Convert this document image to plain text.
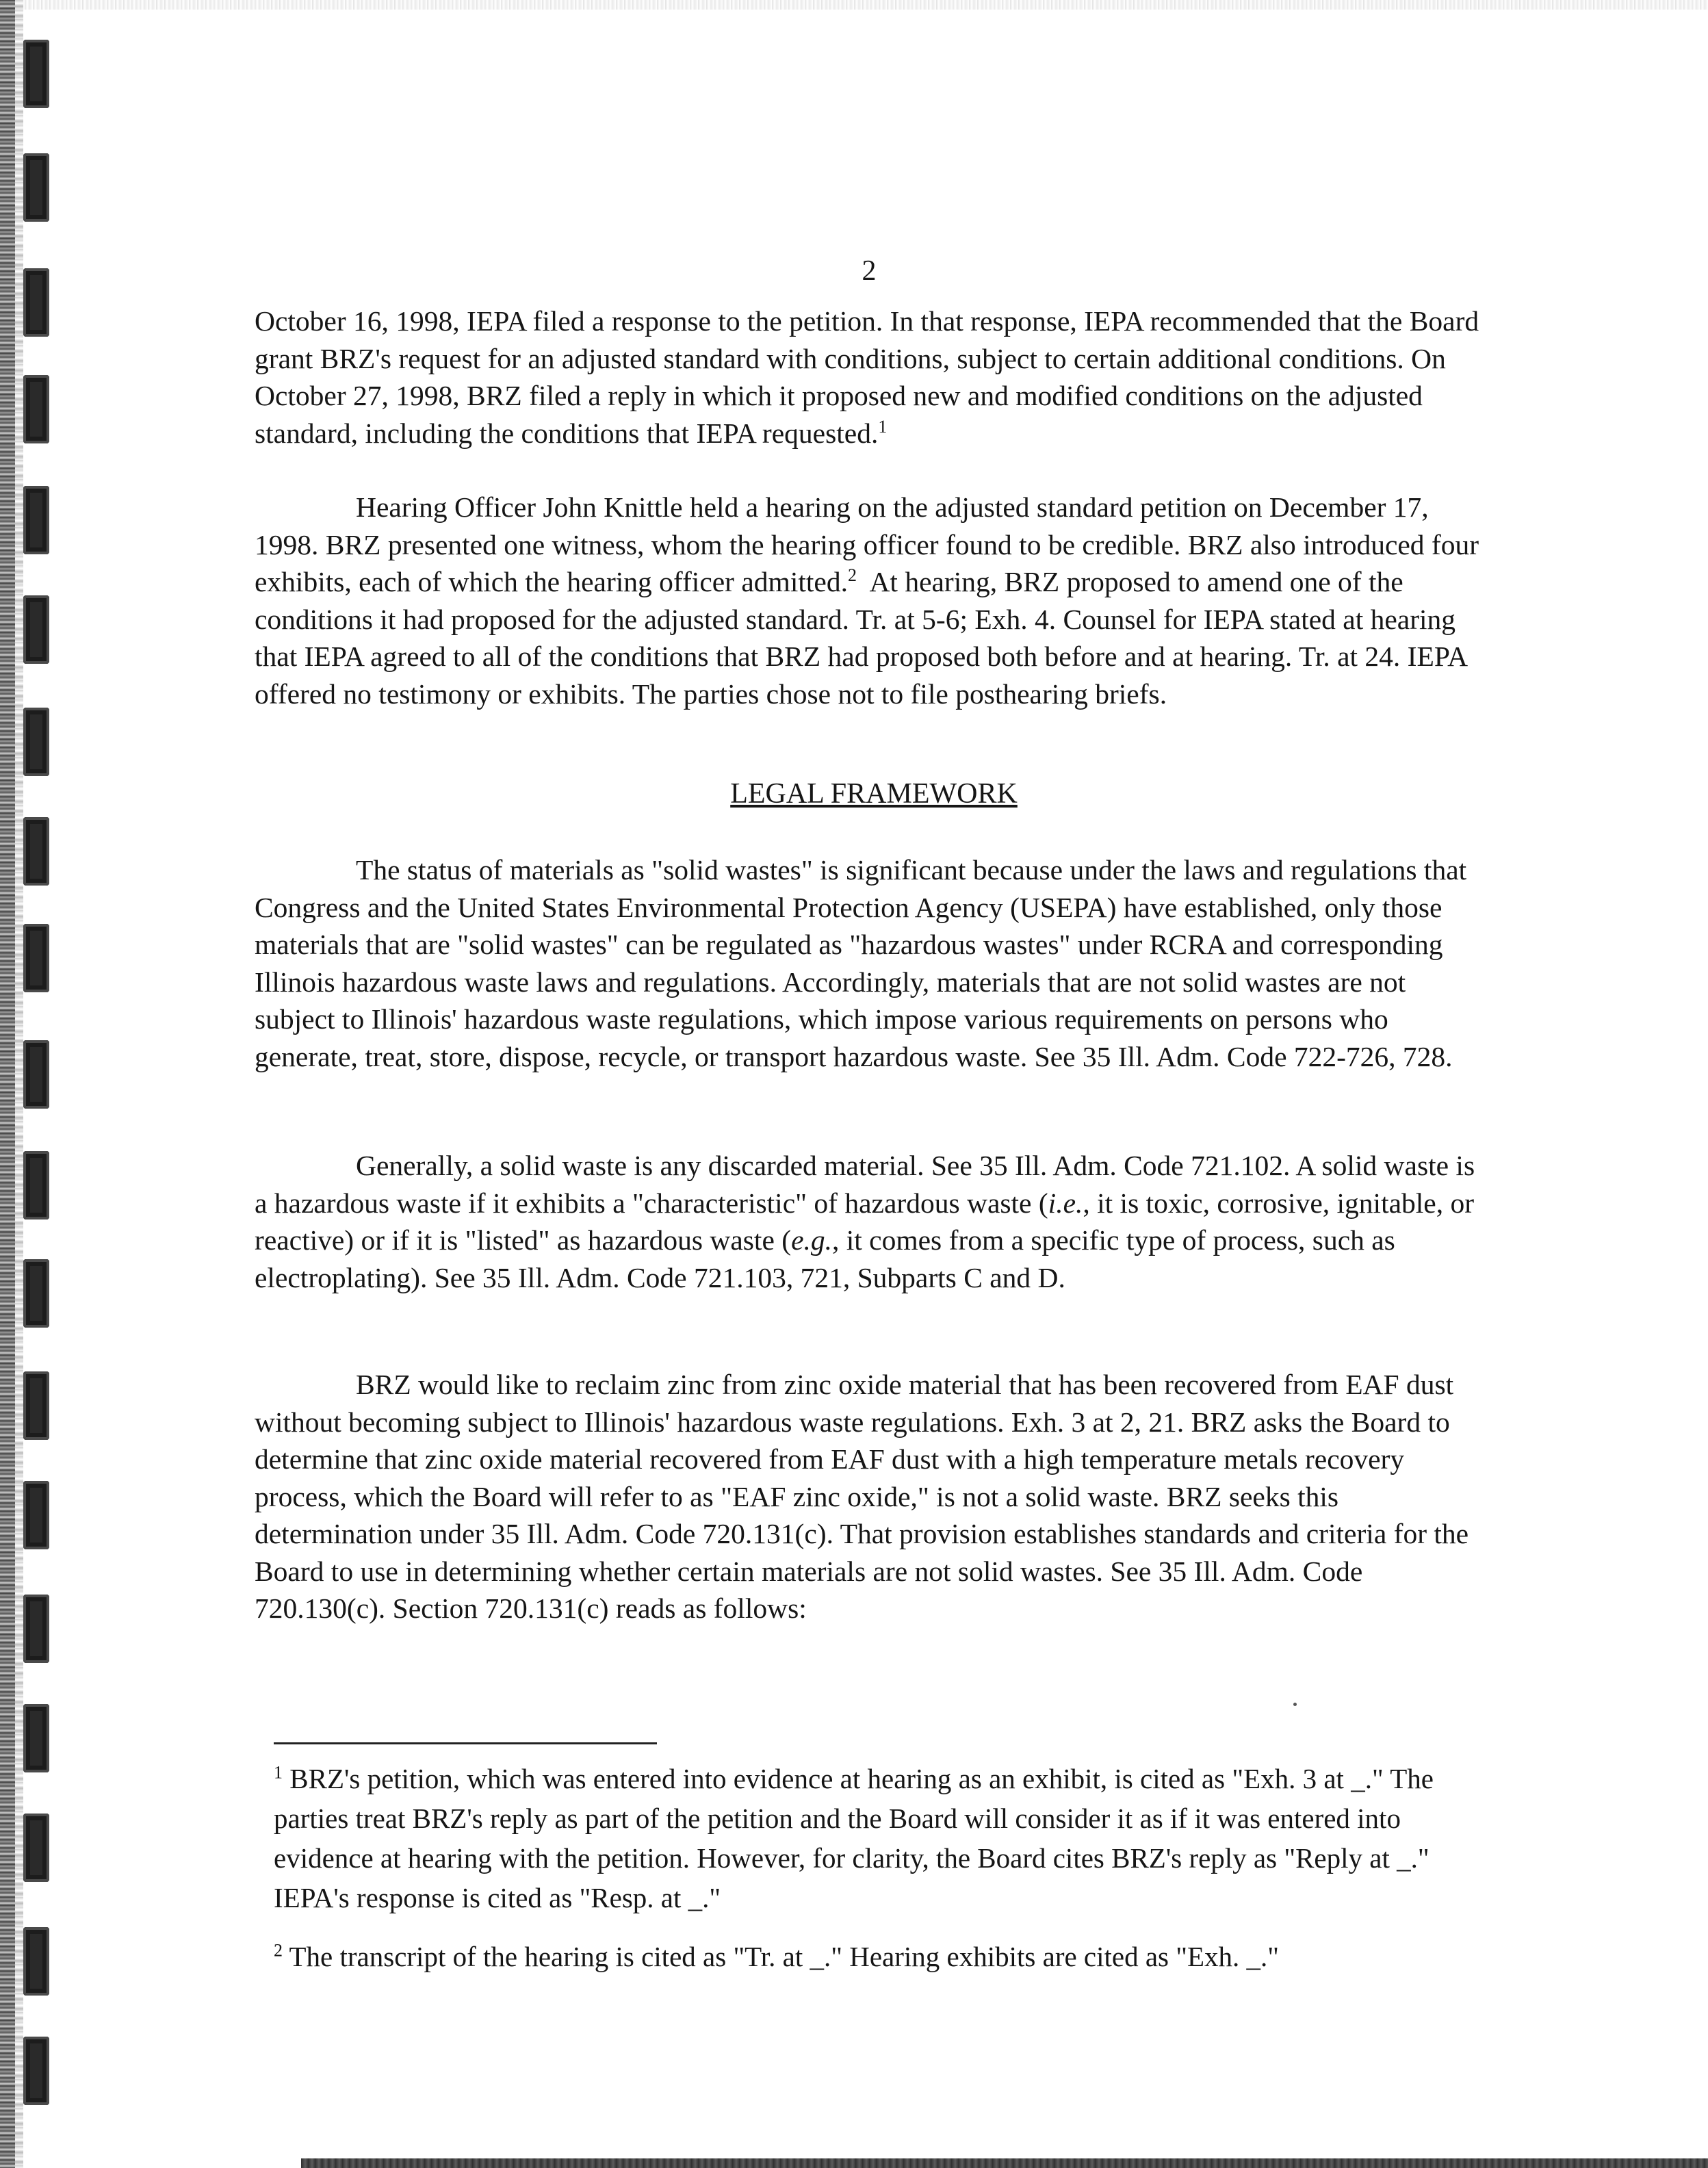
2

October 16, 1998, IEPA filed a response to the petition. In that response, IEPA recommended that the Board grant BRZ's request for an adjusted standard with conditions, subject to certain additional conditions. On October 27, 1998, BRZ filed a reply in which it proposed new and modified conditions on the adjusted standard, including the conditions that IEPA requested.$^1$

Hearing Officer John Knittle held a hearing on the adjusted standard petition on December 17, 1998. BRZ presented one witness, whom the hearing officer found to be credible. BRZ also introduced four exhibits, each of which the hearing officer admitted.$^2$ At hearing, BRZ proposed to amend one of the conditions it had proposed for the adjusted standard. Tr. at 5-6; Exh. 4. Counsel for IEPA stated at hearing that IEPA agreed to all of the conditions that BRZ had proposed both before and at hearing. Tr. at 24. IEPA offered no testimony or exhibits. The parties chose not to file posthearing briefs.

LEGAL FRAMEWORK

The status of materials as "solid wastes" is significant because under the laws and regulations that Congress and the United States Environmental Protection Agency (USEPA) have established, only those materials that are "solid wastes" can be regulated as "hazardous wastes" under RCRA and corresponding Illinois hazardous waste laws and regulations. Accordingly, materials that are not solid wastes are not subject to Illinois' hazardous waste regulations, which impose various requirements on persons who generate, treat, store, dispose, recycle, or transport hazardous waste. See 35 Ill. Adm. Code 722-726, 728.

Generally, a solid waste is any discarded material. See 35 Ill. Adm. Code 721.102. A solid waste is a hazardous waste if it exhibits a "characteristic" of hazardous waste (i.e., it is toxic, corrosive, ignitable, or reactive) or if it is "listed" as hazardous waste (e.g., it comes from a specific type of process, such as electroplating). See 35 Ill. Adm. Code 721.103, 721, Subparts C and D.

BRZ would like to reclaim zinc from zinc oxide material that has been recovered from EAF dust without becoming subject to Illinois' hazardous waste regulations. Exh. 3 at 2, 21. BRZ asks the Board to determine that zinc oxide material recovered from EAF dust with a high temperature metals recovery process, which the Board will refer to as "EAF zinc oxide," is not a solid waste. BRZ seeks this determination under 35 Ill. Adm. Code 720.131(c). That provision establishes standards and criteria for the Board to use in determining whether certain materials are not solid wastes. See 35 Ill. Adm. Code 720.130(c). Section 720.131(c) reads as follows:

$^1$ BRZ's petition, which was entered into evidence at hearing as an exhibit, is cited as "Exh. 3 at _." The parties treat BRZ's reply as part of the petition and the Board will consider it as if it was entered into evidence at hearing with the petition. However, for clarity, the Board cites BRZ's reply as "Reply at _." IEPA's response is cited as "Resp. at _."

$^2$ The transcript of the hearing is cited as "Tr. at _." Hearing exhibits are cited as "Exh. _."
